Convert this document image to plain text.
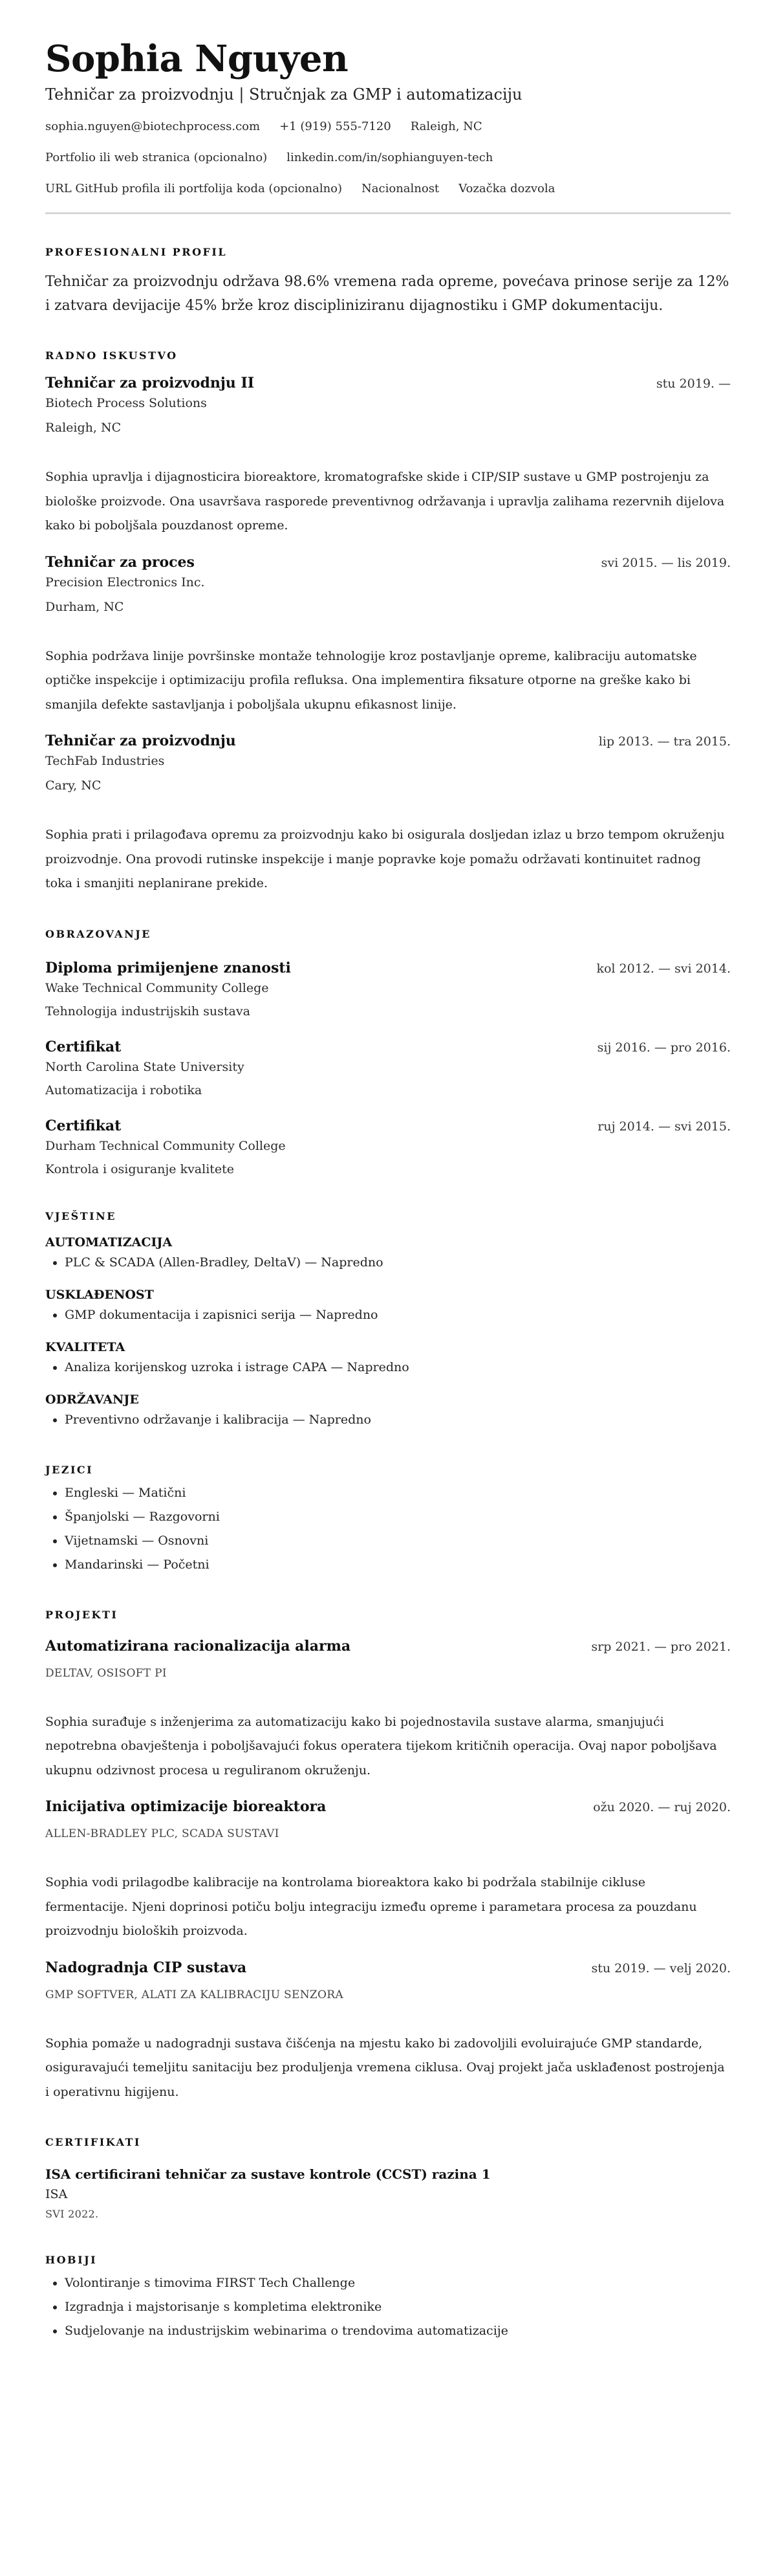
Sophia Nguyen
Tehničar za proizvodnju | Stručnjak za GMP i automatizaciju
sophia.nguyen@biotechprocess.com +1 (919) 555-7120 Raleigh, NC
Portfolio ili web stranica (opcionalno) linkedin.com/in/sophianguyen-tech
URL GitHub profila ili portfolija koda (opcionalno) Nacionalnost Vozačka dozvola
PROFESIONALNI PROFIL

Tehničar za proizvodnju održava 98.6% vremena rada opreme, povećava prinose serije za 12% i zatvara devijacije 45% brže kroz discipliniziranu dijagnostiku i GMP dokumentaciju.

RADNO ISKUSTVO
Tehničar za proizvodnju II	stu 2019. —
Biotech Process Solutions
Raleigh, NC

Sophia upravlja i dijagnosticira bioreaktore, kromatografske skide i CIP/SIP sustave u GMP postrojenju za biološke proizvode. Ona usavršava rasporede preventivnog održavanja i upravlja zalihama rezervnih dijelova kako bi poboljšala pouzdanost opreme.

Tehničar za proces	svi 2015. — lis 2019.
Precision Electronics Inc.
Durham, NC

Sophia podržava linije površinske montaže tehnologije kroz postavljanje opreme, kalibraciju automatske optičke inspekcije i optimizaciju profila refluksa. Ona implementira fiksature otporne na greške kako bi smanjila defekte sastavljanja i poboljšala ukupnu efikasnost linije.

Tehničar za proizvodnju	lip 2013. — tra 2015.
TechFab Industries
Cary, NC

Sophia prati i prilagođava opremu za proizvodnju kako bi osigurala dosljedan izlaz u brzo tempom okruženju proizvodnje. Ona provodi rutinske inspekcije i manje popravke koje pomažu održavati kontinuitet radnog toka i smanjiti neplanirane prekide.

OBRAZOVANJE
Diploma primijenjene znanosti	kol 2012. — svi 2014.
Wake Technical Community College
Tehnologija industrijskih sustava
Certifikat	sij 2016. — pro 2016.
North Carolina State University
Automatizacija i robotika
Certifikat	ruj 2014. — svi 2015.
Durham Technical Community College
Kontrola i osiguranje kvalitete
VJEŠTINE
AUTOMATIZACIJA
• PLC & SCADA (Allen-Bradley, DeltaV) — Napredno
USKLAĐENOST
• GMP dokumentacija i zapisnici serija — Napredno
KVALITETA
• Analiza korijenskog uzroka i istrage CAPA — Napredno
ODRŽAVANJE
• Preventivno održavanje i kalibracija — Napredno
JEZICI
• Engleski — Matični
• Španjolski — Razgovorni
• Vijetnamski — Osnovni
• Mandarinski — Početni
PROJEKTI
Automatizirana racionalizacija alarma	srp 2021. — pro 2021.
DELTAV, OSISOFT PI

Sophia surađuje s inženjerima za automatizaciju kako bi pojednostavila sustave alarma, smanjujući nepotrebna obavještenja i poboljšavajući fokus operatera tijekom kritičnih operacija. Ovaj napor poboljšava ukupnu odzivnost procesa u reguliranom okruženju.

Inicijativa optimizacije bioreaktora	ožu 2020. — ruj 2020.
ALLEN-BRADLEY PLC, SCADA SUSTAVI

Sophia vodi prilagodbe kalibracije na kontrolama bioreaktora kako bi podržala stabilnije cikluse fermentacije. Njeni doprinosi potiču bolju integraciju između opreme i parametara procesa za pouzdanu proizvodnju bioloških proizvoda.

Nadogradnja CIP sustava	stu 2019. — velj 2020.
GMP SOFTVER, ALATI ZA KALIBRACIJU SENZORA

Sophia pomaže u nadogradnji sustava čišćenja na mjestu kako bi zadovoljili evoluirajuće GMP standarde, osiguravajući temeljitu sanitaciju bez produljenja vremena ciklusa. Ovaj projekt jača usklađenost postrojenja i operativnu higijenu.

CERTIFIKATI
ISA certificirani tehničar za sustave kontrole (CCST) razina 1
ISA
SVI 2022.
HOBIJI
• Volontiranje s timovima FIRST Tech Challenge
• Izgradnja i majstorisanje s kompletima elektronike
• Sudjelovanje na industrijskim webinarima o trendovima automatizacije
